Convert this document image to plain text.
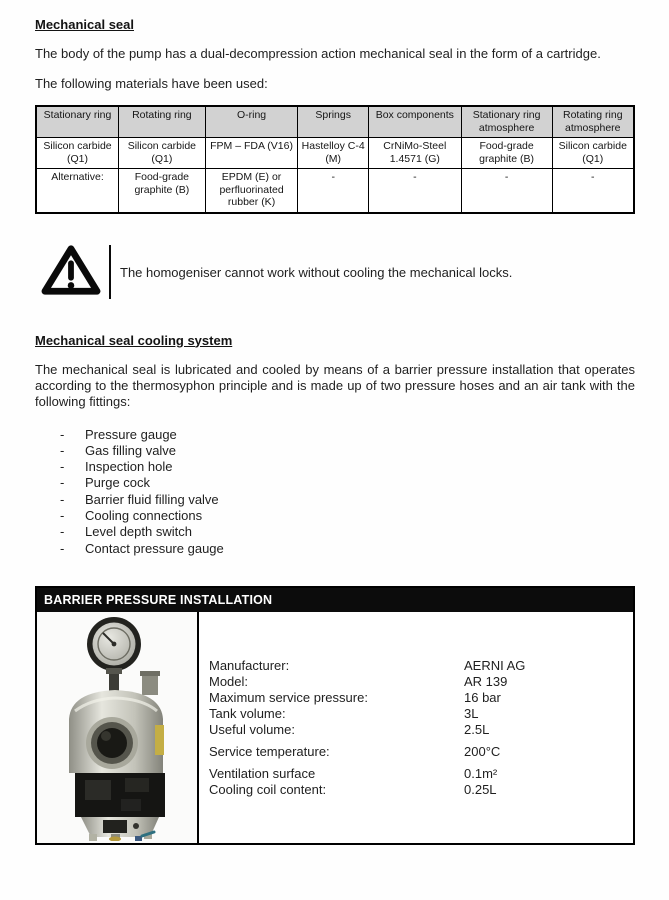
Mechanical seal

The body of the pump has a dual-decompression action mechanical seal in the form of a cartridge.

The following materials have been used:

Stationary ring	Rotating ring	O-ring	Springs	Box components	Stationary ring atmosphere	Rotating ring atmosphere
Silicon carbide (Q1)	Silicon carbide (Q1)	FPM – FDA (V16)	Hastelloy C-4 (M)	CrNiMo-Steel 1.4571 (G)	Food-grade graphite (B)	Silicon carbide (Q1)
Alternative:	Food-grade graphite (B)	EPDM (E) or perfluorinated rubber (K)	-	-	-	-
The homogeniser cannot work without cooling the mechanical locks.
Mechanical seal cooling system

The mechanical seal is lubricated and cooled by means of a barrier pressure installation that operates according to the thermosyphon principle and is made up of two pressure hoses and an air tank with the following fittings:

-	Pressure gauge
-	Gas filling valve
-	Inspection hole
-	Purge cock
-	Barrier fluid filling valve
-	Cooling connections
-	Level depth switch
-	Contact pressure gauge
BARRIER PRESSURE INSTALLATION
Manufacturer:	AERNI AG
Model:	AR 139
Maximum service pressure:	16 bar
Tank volume:	3L
Useful volume:	2.5L
Service temperature:	200°C
Ventilation surface	0.1m²
Cooling coil content:	0.25L
